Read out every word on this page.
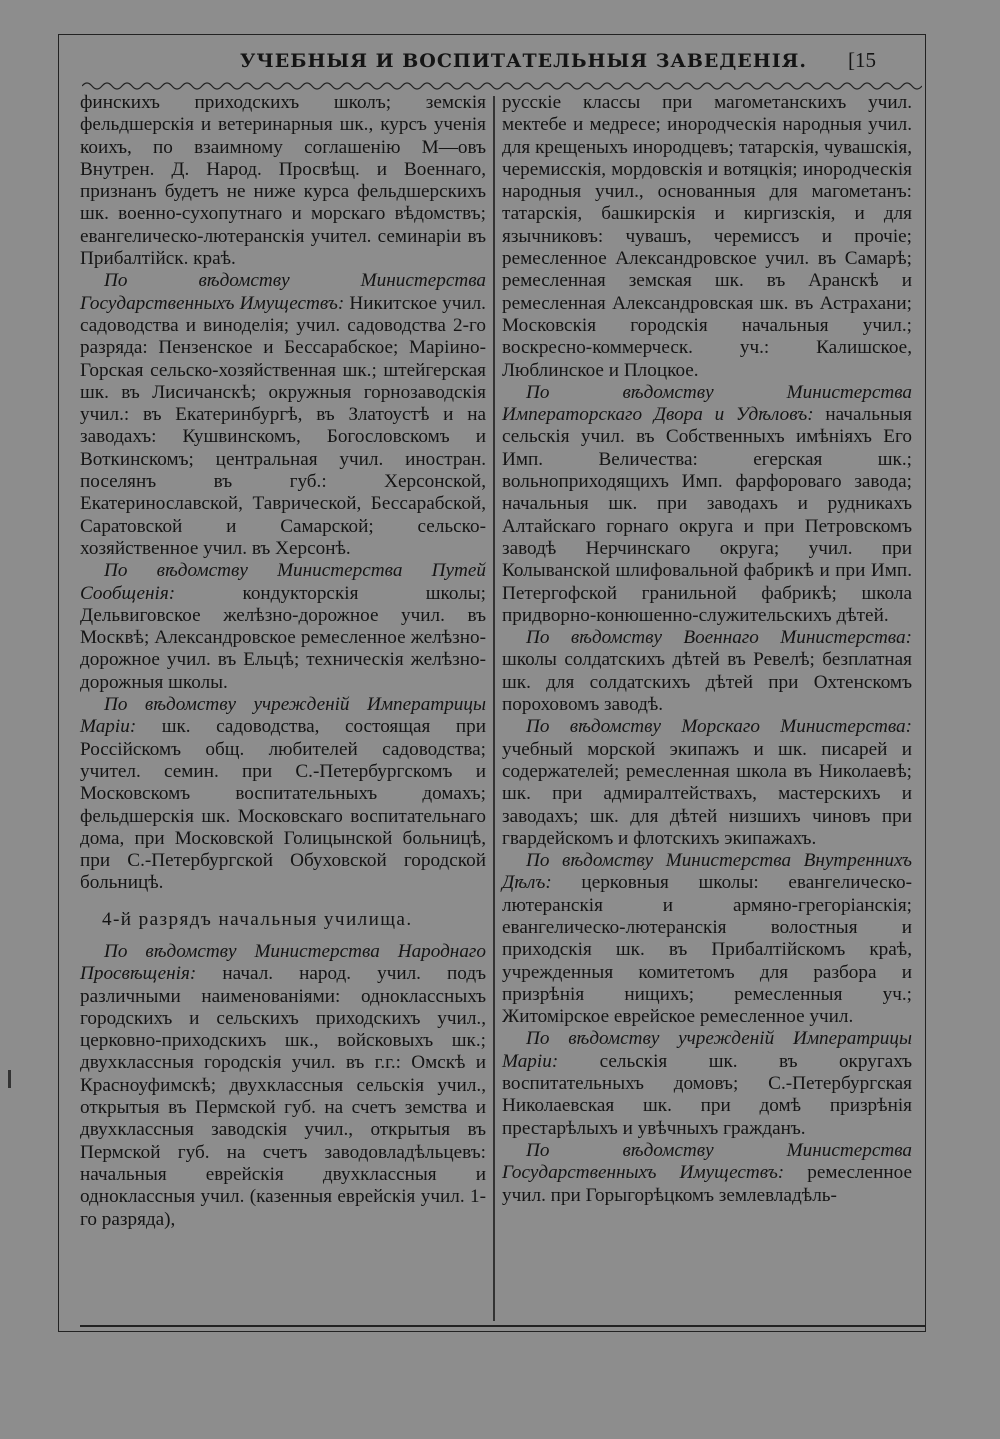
УЧЕБНЫЯ И ВОСПИТАТЕЛЬНЫЯ ЗАВЕДЕНІЯ. [15

финскихъ приходскихъ школъ; земскія фельдшерскія и ветеринарныя шк., курсъ ученія коихъ, по взаимному соглашенію М—овъ Внутрен. Д. Народ. Просвѣщ. и Военнаго, признанъ будетъ не ниже курса фельдшерскихъ шк. военно-сухопутнаго и морскаго вѣдомствъ; евангелическо-лютеранскія учител. семинаріи въ Прибалтійск. краѣ.

По вѣдомству Министерства Государственныхъ Имуществъ: Никитское учил. садоводства и виноделія; учил. садоводства 2-го разряда: Пензенское и Бессарабское; Маріино-Горская сельско-хозяйственная шк.; штейгерская шк. въ Лисичанскѣ; окружныя горнозаводскія учил.: въ Екатеринбургѣ, въ Златоустѣ и на заводахъ: Кушвинскомъ, Богословскомъ и Воткинскомъ; центральная учил. иностран. поселянъ въ губ.: Херсонской, Екатеринославской, Таврической, Бессарабской, Саратовской и Самарской; сельско-хозяйственное учил. въ Херсонѣ.

По вѣдомству Министерства Путей Сообщенія: кондукторскія школы; Дельвиговское желѣзно-дорожное учил. въ Москвѣ; Александровское ремесленное желѣзно-дорожное учил. въ Ельцѣ; техническія желѣзно-дорожныя школы.

По вѣдомству учрежденій Императрицы Маріи: шк. садоводства, состоящая при Россійскомъ общ. любителей садоводства; учител. семин. при С.-Петербургскомъ и Московскомъ воспитательныхъ домахъ; фельдшерскія шк. Московскаго воспитательнаго дома, при Московской Голицынской больницѣ, при С.-Петербургской Обуховской городской больницѣ.

4-й разрядъ начальныя училища.

По вѣдомству Министерства Народнаго Просвѣщенія: начал. народ. учил. подъ различными наименованіями: одноклассныхъ городскихъ и сельскихъ приходскихъ учил., церковно-приходскихъ шк., войсковыхъ шк.; двухклассныя городскія учил. въ г.г.: Омскѣ и Красноуфимскѣ; двухклассныя сельскія учил., открытыя въ Пермской губ. на счетъ земства и двухклассныя заводскія учил., открытыя въ Пермской губ. на счетъ заводовладѣльцевъ: начальныя еврейскія двухклассныя и одноклассныя учил. (казенныя еврейскія учил. 1-го разряда),

русскіе классы при магометанскихъ учил. мектебе и медресе; инородческія народныя учил. для крещеныхъ инородцевъ; татарскія, чувашскія, черемисскія, мордовскія и вотяцкія; инородческія народныя учил., основанныя для магометанъ: татарскія, башкирскія и киргизскія, и для язычниковъ: чувашъ, черемиссъ и прочіе; ремесленное Александровское учил. въ Самарѣ; ремесленная земская шк. въ Аранскѣ и ремесленная Александровская шк. въ Астрахани; Московскія городскія начальныя учил.; воскресно-коммерческ. уч.: Калишское, Люблинское и Плоцкое.

По вѣдомству Министерства Императорскаго Двора и Удѣловъ: начальныя сельскія учил. въ Собственныхъ имѣніяхъ Его Имп. Величества: егерская шк.; вольноприходящихъ Имп. фарфороваго завода; начальныя шк. при заводахъ и рудникахъ Алтайскаго горнаго округа и при Петровскомъ заводѣ Нерчинскаго округа; учил. при Колыванской шлифовальной фабрикѣ и при Имп. Петергофской гранильной фабрикѣ; школа придворно-конюшенно-служительскихъ дѣтей.

По вѣдомству Военнаго Министерства: школы солдатскихъ дѣтей въ Ревелѣ; безплатная шк. для солдатскихъ дѣтей при Охтенскомъ пороховомъ заводѣ.

По вѣдомству Морскаго Министерства: учебный морской экипажъ и шк. писарей и содержателей; ремесленная школа въ Николаевѣ; шк. при адмиралтействахъ, мастерскихъ и заводахъ; шк. для дѣтей низшихъ чиновъ при гвардейскомъ и флотскихъ экипажахъ.

По вѣдомству Министерства Внутреннихъ Дѣлъ: церковныя школы: евангелическо-лютеранскія и армяно-грегоріанскія; евангелическо-лютеранскія волостныя и приходскія шк. въ Прибалтійскомъ краѣ, учрежденныя комитетомъ для разбора и призрѣнія нищихъ; ремесленныя уч.; Житомірское еврейское ремесленное учил.

По вѣдомству учрежденій Императрицы Маріи: сельскія шк. въ округахъ воспитательныхъ домовъ; С.-Петербургская Николаевская шк. при домѣ призрѣнія престарѣлыхъ и увѣчныхъ гражданъ.

По вѣдомству Министерства Государственныхъ Имуществъ: ремесленное учил. при Горыгорѣцкомъ землевладѣль-
